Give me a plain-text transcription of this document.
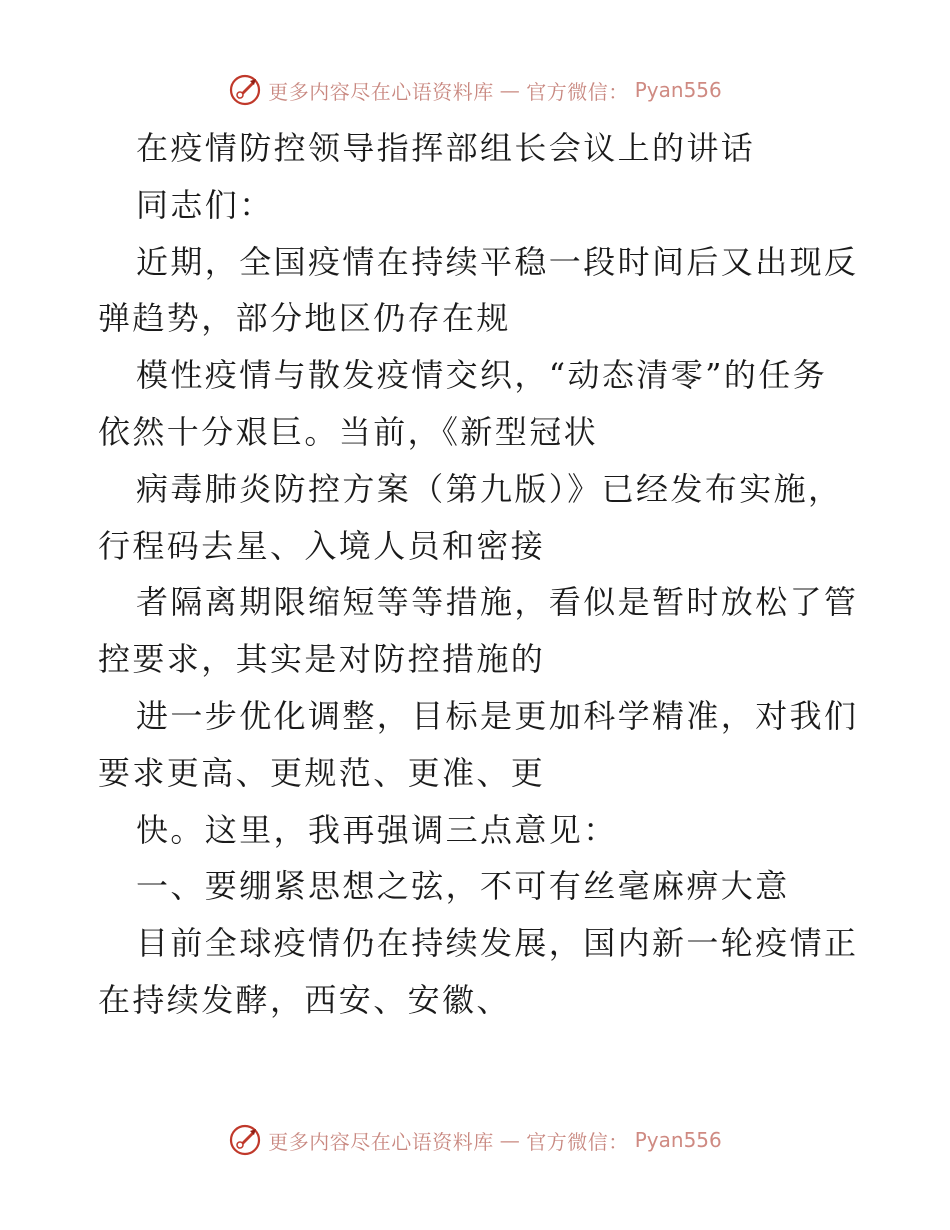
更多内容尽在心语资料库 — 官方微信： Pyan556

在疫情防控领导指挥部组长会议上的讲话

同志们：

近期，全国疫情在持续平稳一段时间后又出现反

弹趋势，部分地区仍存在规

模性疫情与散发疫情交织，“动态清零”的任务

依然十分艰巨。当前，《新型冠状

病毒肺炎防控方案（第九版）》已经发布实施，

行程码去星、入境人员和密接

者隔离期限缩短等等措施，看似是暂时放松了管

控要求，其实是对防控措施的

进一步优化调整，目标是更加科学精准，对我们

要求更高、更规范、更准、更

快。这里，我再强调三点意见：

一、要绷紧思想之弦，不可有丝毫麻痹大意

目前全球疫情仍在持续发展，国内新一轮疫情正

在持续发酵，西安、安徽、

更多内容尽在心语资料库 — 官方微信： Pyan556
